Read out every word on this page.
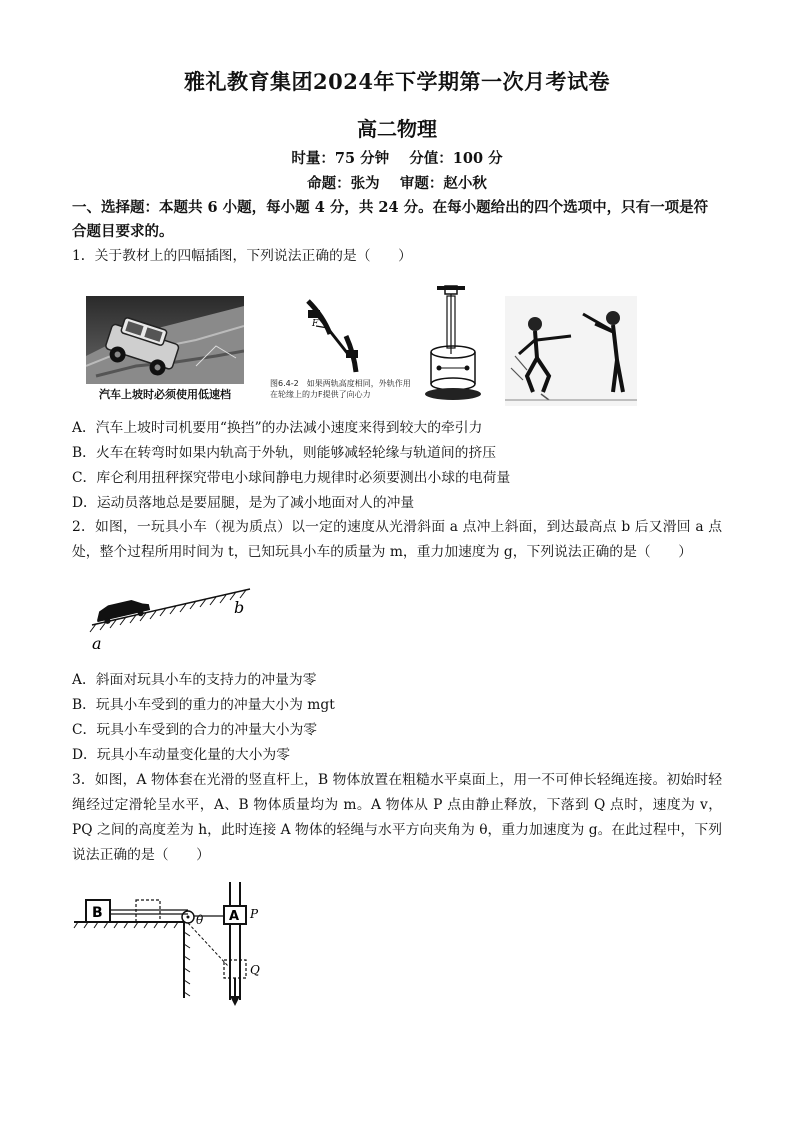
雅礼教育集团2024年下学期第一次月考试卷
高二物理
时量：75 分钟    分值：100 分
命题：张为    审题：赵小秋
一、选择题：本题共 6 小题，每小题 4 分，共 24 分。在每小题给出的四个选项中，只有一项是符合题目要求的。
1．关于教材上的四幅插图，下列说法正确的是（　　）
汽车上坡时必须使用低速档
F
图6.4-2　如果两轨高度相同，外轨作用在轮缘上的力F提供了向心力
A．汽车上坡时司机要用“换挡”的办法减小速度来得到较大的牵引力
B．火车在转弯时如果内轨高于外轨，则能够减轻轮缘与轨道间的挤压
C．库仑利用扭秤探究带电小球间静电力规律时必须要测出小球的电荷量
D．运动员落地总是要屈腿，是为了减小地面对人的冲量
2．如图，一玩具小车（视为质点）以一定的速度从光滑斜面 a 点冲上斜面，到达最高点 b 后又滑回 a 点处，整个过程所用时间为 t，已知玩具小车的质量为 m，重力加速度为 g，下列说法正确的是（　　）
a
b
A．斜面对玩具小车的支持力的冲量为零
B．玩具小车受到的重力的冲量大小为 mgt
C．玩具小车受到的合力的冲量大小为零
D．玩具小车动量变化量的大小为零
3．如图，A 物体套在光滑的竖直杆上，B 物体放置在粗糙水平桌面上，用一不可伸长轻绳连接。初始时轻绳经过定滑轮呈水平，A、B 物体质量均为 m。A 物体从 P 点由静止释放，下落到 Q 点时，速度为 v，PQ 之间的高度差为 h，此时连接 A 物体的轻绳与水平方向夹角为 θ，重力加速度为 g。在此过程中，下列说法正确的是（　　）
B	θ A P
Q
